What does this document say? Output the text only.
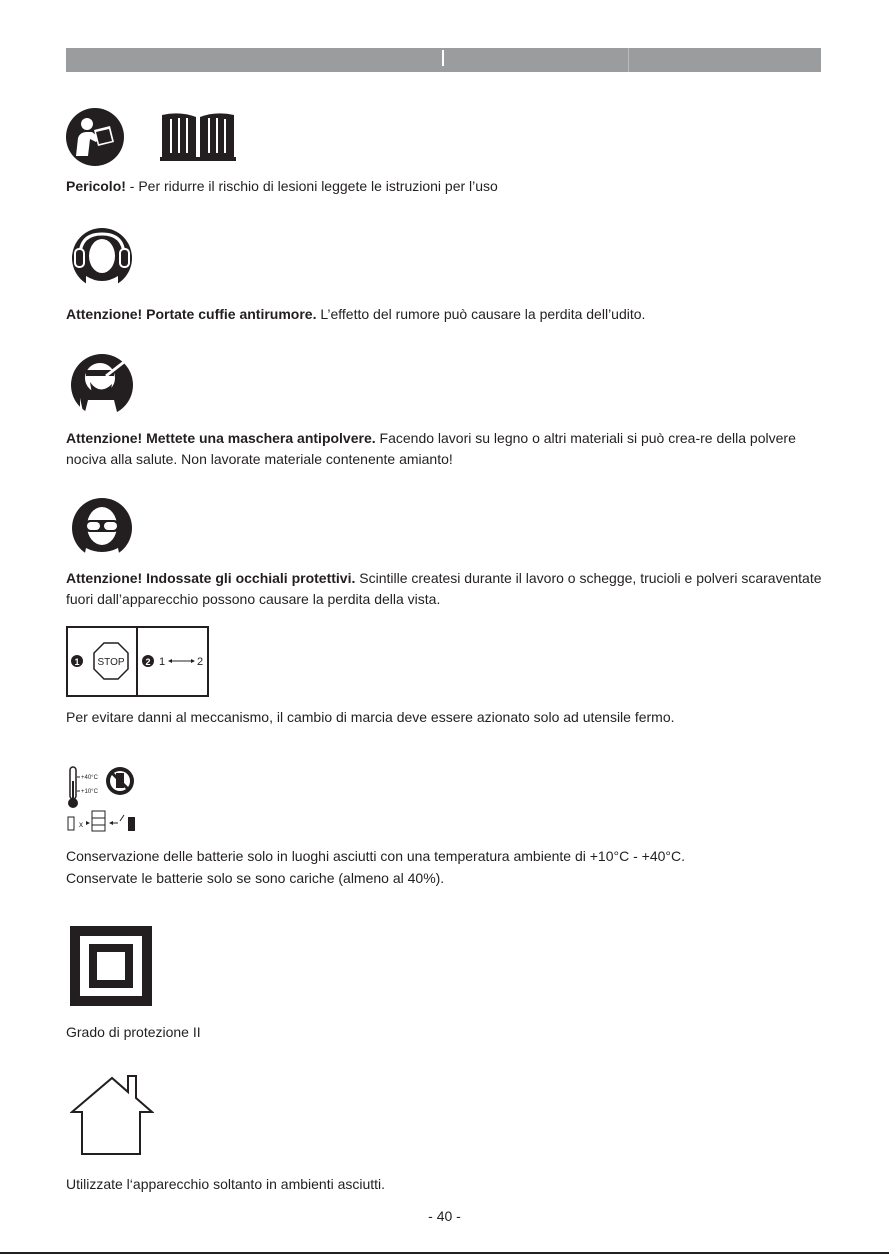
Pericolo! - Per ridurre il rischio di lesioni leggete le istruzioni per l’uso
Attenzione! Portate cuffie antirumore. L’effetto del rumore può causare la perdita dell’udito.
Attenzione! Mettete una maschera antipolvere. Facendo lavori su legno o altri materiali si può crea-re della polvere nociva alla salute. Non lavorate materiale contenente amianto!
Attenzione! Indossate gli occhiali protettivi. Scintille createsi durante il lavoro o schegge, trucioli e polveri scaraventate fuori dall’apparecchio possono causare la perdita della vista.
1 STOP 2 1	2
Per evitare danni al meccanismo, il cambio di marcia deve essere azionato solo ad utensile fermo.
+40°C
+10°C
x
Conservazione delle batterie solo in luoghi asciutti con una temperatura ambiente di +10°C - +40°C.
Conservate le batterie solo se sono cariche (almeno al 40%).
Grado di protezione II
Utilizzate l‘apparecchio soltanto in ambienti asciutti.
- 40 -
